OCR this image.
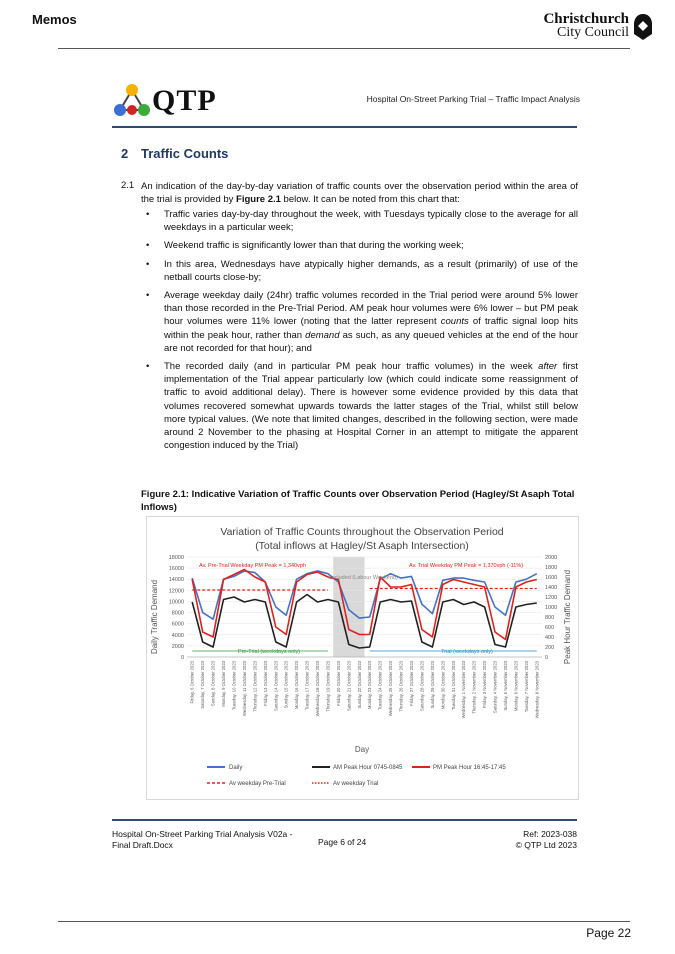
Memos	Christchurch
City Council
QTP	Hospital On-Street Parking Trial – Traffic Impact Analysis
2 Traffic Counts
2.1 An indication of the day-by-day variation of traffic counts over the observation period within the area of the trial is provided by Figure 2.1 below. It can be noted from this chart that:
• Traffic varies day-by-day throughout the week, with Tuesdays typically close to the average for all weekdays in a particular week;
• Weekend traffic is significantly lower than that during the working week;
• In this area, Wednesdays have atypically higher demands, as a result (primarily) of use of the netball courts close-by;
• Average weekday daily (24hr) traffic volumes recorded in the Trial period were around 5% lower than those recorded in the Pre-Trial Period. AM peak hour volumes were 6% lower – but PM peak hour volumes were 11% lower (noting that the latter represent counts of traffic signal loop hits within the peak hour, rather than demand as such, as any queued vehicles at the end of the hour are not recorded for that hour); and
• The recorded daily (and in particular PM peak hour traffic volumes) in the week after first implementation of the Trial appear particularly low (which could indicate some reassignment of traffic to avoid additional delay). There is however some evidence provided by this data that volumes recovered somewhat upwards towards the latter stages of the Trial, whilst still below more typical values. (We note that limited changes, described in the following section, were made around 2 November to the phasing at Hospital Corner in an attempt to mitigate the apparent congestion induced by the Trial)
Figure 2.1: Indicative Variation of Traffic Counts over Observation Period (Hagley/St Asaph Total Inflows)
Variation of Traffic Counts throughout the Observation Period
(Total inflows at Hagley/St Asaph Intersection)
0
2000
4000
6000
8000
10000
12000
14000
16000
18000
0
200
400
600
800
1000
1200
1400
1600
1800
2000
Friday, 6 October 2023 Saturday, 7 October 2023 Sunday, 8 October 2023 Monday, 9 October 2023 Tuesday, 10 October 2023 Wednesday, 11 October 2023 Thursday, 12 October 2023 Friday, 13 October 2023 Saturday, 14 October 2023 Sunday, 15 October 2023 Monday, 16 October 2023 Tuesday, 17 October 2023 Wednesday, 18 October 2023 Thursday, 19 October 2023 Friday, 20 October 2023 Saturday, 21 October 2023 Sunday, 22 October 2023 Monday, 23 October 2023 Tuesday, 24 October 2023 Wednesday, 25 October 2023 Thursday, 26 October 2023 Friday, 27 October 2023 Saturday, 28 October 2023 Sunday, 29 October 2023 Monday, 30 October 2023 Tuesday, 31 October 2023 Wednesday, 1 November 2023 Thursday, 2 November 2023 Friday, 3 November 2023 Saturday, 4 November 2023 Sunday, 5 November 2023 Monday, 6 November 2023 Tuesday, 7 November 2023 Wednesday, 8 November 2023
Daily Traffic Demand	Peak Hour Traffic Demand
Day
Av. Pre-Trial Weekday PM Peak = 1,340vph	Av. Trial Weekday PM Peak = 1,370vph (-11%)
Excluded (Labour Weekend)
Pre-Trial (weekdays only)	Trial (weekdays only)
Daily	AM Peak Hour 0745-0845	PM Peak Hour 16:45-17:45
Av weekday Pre-Trial	Av weekday Trial
Hospital On-Street Parking Trial Analysis V02a - Final Draft.Docx	Page 6 of 24
Ref: 2023-038
© QTP Ltd 2023
Page 22
